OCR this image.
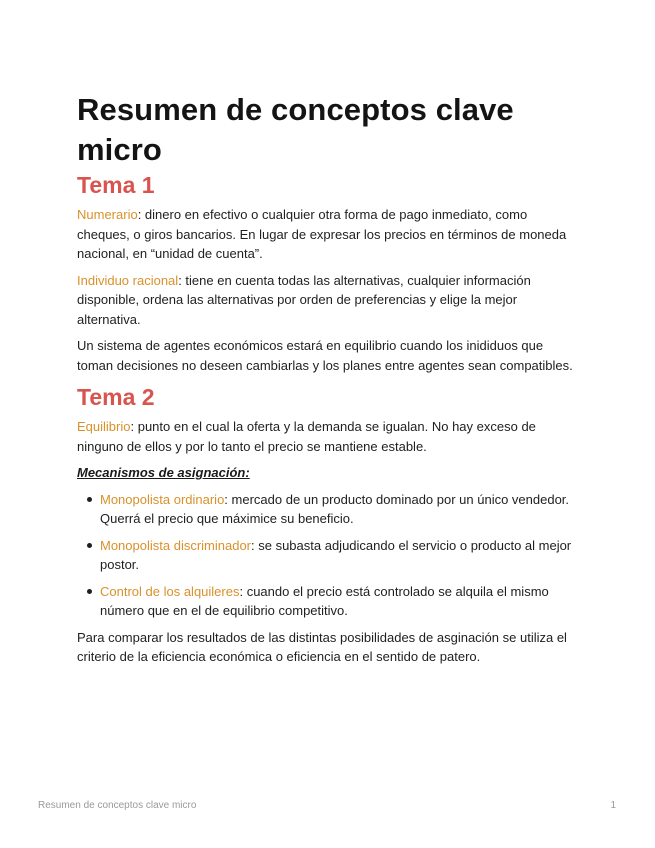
Resumen de conceptos clave micro
Tema 1

Numerario: dinero en efectivo o cualquier otra forma de pago inmediato, como cheques, o giros bancarios. En lugar de expresar los precios en términos de moneda nacional, en “unidad de cuenta”.

Individuo racional: tiene en cuenta todas las alternativas, cualquier información disponible, ordena las alternativas por orden de preferencias y elige la mejor alternativa.

Un sistema de agentes económicos estará en equilibrio cuando los inididuos que toman decisiones no deseen cambiarlas y los planes entre agentes sean compatibles.

Tema 2

Equilibrio: punto en el cual la oferta y la demanda se igualan. No hay exceso de ninguno de ellos y por lo tanto el precio se mantiene estable.

Mecanismos de asignación:
Monopolista ordinario: mercado de un producto dominado por un único vendedor. Querrá el precio que máximice su beneficio.
Monopolista discriminador: se subasta adjudicando el servicio o producto al mejor postor.
Control de los alquileres: cuando el precio está controlado se alquila el mismo número que en el de equilibrio competitivo.

Para comparar los resultados de las distintas posibilidades de asginación se utiliza el criterio de la eficiencia económica o eficiencia en el sentido de patero.

Resumen de conceptos clave micro	1
